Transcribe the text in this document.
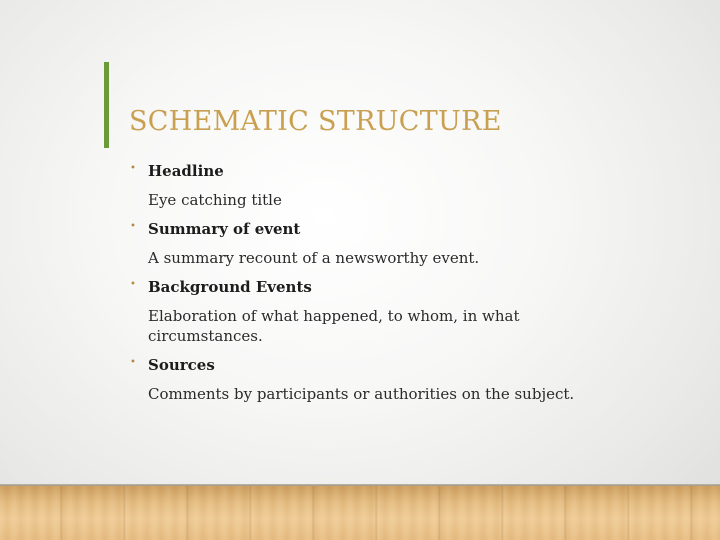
SCHEMATIC STRUCTURE
• Headline
Eye catching title
• Summary of event
A summary recount of a newsworthy event.
• Background Events
Elaboration of what happened, to whom, in what circumstances.
• Sources
Comments by participants or authorities on the subject.
